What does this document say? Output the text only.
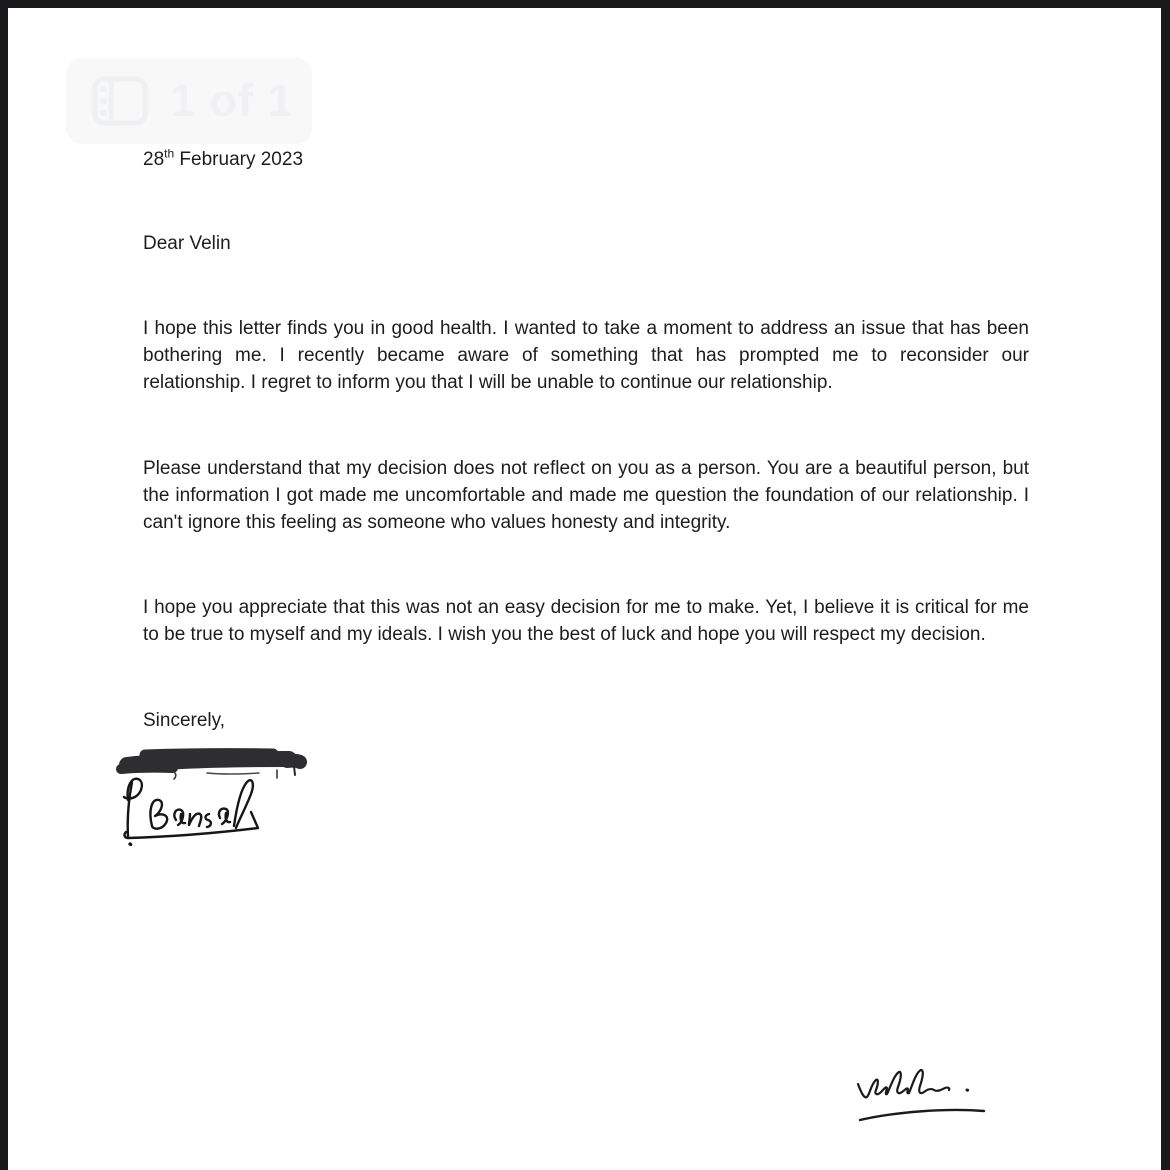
1 of 1
28th February 2023
Dear Velin

I hope this letter finds you in good health. I wanted to take a moment to address an issue that has been bothering me. I recently became aware of something that has prompted me to reconsider our relationship. I regret to inform you that I will be unable to continue our relationship.

Please understand that my decision does not reflect on you as a person. You are a beautiful person, but the information I got made me uncomfortable and made me question the foundation of our relationship. I can't ignore this feeling as someone who values honesty and integrity.

I hope you appreciate that this was not an easy decision for me to make. Yet, I believe it is critical for me to be true to myself and my ideals. I wish you the best of luck and hope you will respect my decision.

Sincerely,
